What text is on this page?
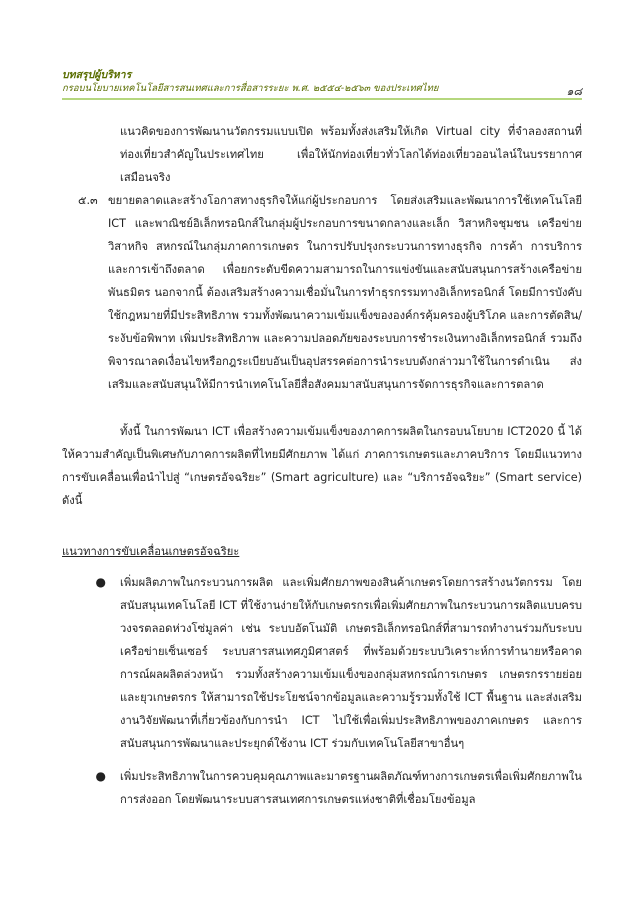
บทสรุปผู้บริหาร
กรอบนโยบายเทคโนโลยีสารสนเทศและการสื่อสารระยะ พ.ศ. ๒๕๕๔-๒๕๖๓ ของประเทศไทย	๑๘
แนวคิดของการพัฒนานวัตกรรมแบบเปิด พร้อมทั้งส่งเสริมให้เกิด Virtual city ที่จำลองสถานที่ท่องเที่ยวสำคัญในประเทศไทย เพื่อให้นักท่องเที่ยวทั่วโลกได้ท่องเที่ยวออนไลน์ในบรรยากาศเสมือนจริง
๕.๓ ขยายตลาดและสร้างโอกาสทางธุรกิจให้แก่ผู้ประกอบการ โดยส่งเสริมและพัฒนาการใช้เทคโนโลยี ICT และพาณิชย์อิเล็กทรอนิกส์ในกลุ่มผู้ประกอบการขนาดกลางและเล็ก วิสาหกิจชุมชน เครือข่ายวิสาหกิจ สหกรณ์ในกลุ่มภาคการเกษตร ในการปรับปรุงกระบวนการทางธุรกิจ การค้า การบริการ และการเข้าถึงตลาด เพื่อยกระดับขีดความสามารถในการแข่งขันและสนับสนุนการสร้างเครือข่ายพันธมิตร นอกจากนี้ ต้องเสริมสร้างความเชื่อมั่นในการทำธุรกรรมทางอิเล็กทรอนิกส์ โดยมีการบังคับใช้กฎหมายที่มีประสิทธิภาพ รวมทั้งพัฒนาความเข้มแข็งขององค์กรคุ้มครองผู้บริโภค และการตัดสิน/ระงับข้อพิพาท เพิ่มประสิทธิภาพ และความปลอดภัยของระบบการชำระเงินทางอิเล็กทรอนิกส์ รวมถึงพิจารณาลดเงื่อนไขหรือกฎระเบียบอันเป็นอุปสรรคต่อการนำระบบดังกล่าวมาใช้ในการดำเนิน ส่งเสริมและสนับสนุนให้มีการนำเทคโนโลยีสื่อสังคมมาสนับสนุนการจัดการธุรกิจและการตลาด
ทั้งนี้ ในการพัฒนา ICT เพื่อสร้างความเข้มแข็งของภาคการผลิตในกรอบนโยบาย ICT2020 นี้ ได้ให้ความสำคัญเป็นพิเศษกับภาคการผลิตที่ไทยมีศักยภาพ ได้แก่ ภาคการเกษตรและภาคบริการ โดยมีแนวทางการขับเคลื่อนเพื่อนำไปสู่ “เกษตรอัจฉริยะ” (Smart agriculture) และ “บริการอัจฉริยะ” (Smart service) ดังนี้
แนวทางการขับเคลื่อนเกษตรอัจฉริยะ
●	เพิ่มผลิตภาพในกระบวนการผลิต และเพิ่มศักยภาพของสินค้าเกษตรโดยการสร้างนวัตกรรม โดยสนับสนุนเทคโนโลยี ICT ที่ใช้งานง่ายให้กับเกษตรกรเพื่อเพิ่มศักยภาพในกระบวนการผลิตแบบครบวงจรตลอดห่วงโซ่มูลค่า เช่น ระบบอัตโนมัติ เกษตรอิเล็กทรอนิกส์ที่สามารถทำงานร่วมกับระบบเครือข่ายเซ็นเซอร์ ระบบสารสนเทศภูมิศาสตร์ ที่พร้อมด้วยระบบวิเคราะห์การทำนายหรือคาดการณ์ผลผลิตล่วงหน้า รวมทั้งสร้างความเข้มแข็งของกลุ่มสหกรณ์การเกษตร เกษตรกรรายย่อย และยุวเกษตรกร ให้สามารถใช้ประโยชน์จากข้อมูลและความรู้รวมทั้งใช้ ICT พื้นฐาน และส่งเสริมงานวิจัยพัฒนาที่เกี่ยวข้องกับการนำ ICT ไปใช้เพื่อเพิ่มประสิทธิภาพของภาคเกษตร และการสนับสนุนการพัฒนาและประยุกต์ใช้งาน ICT ร่วมกับเทคโนโลยีสาขาอื่นๆ
●	เพิ่มประสิทธิภาพในการควบคุมคุณภาพและมาตรฐานผลิตภัณฑ์ทางการเกษตรเพื่อเพิ่มศักยภาพในการส่งออก โดยพัฒนาระบบสารสนเทศการเกษตรแห่งชาติที่เชื่อมโยงข้อมูล
